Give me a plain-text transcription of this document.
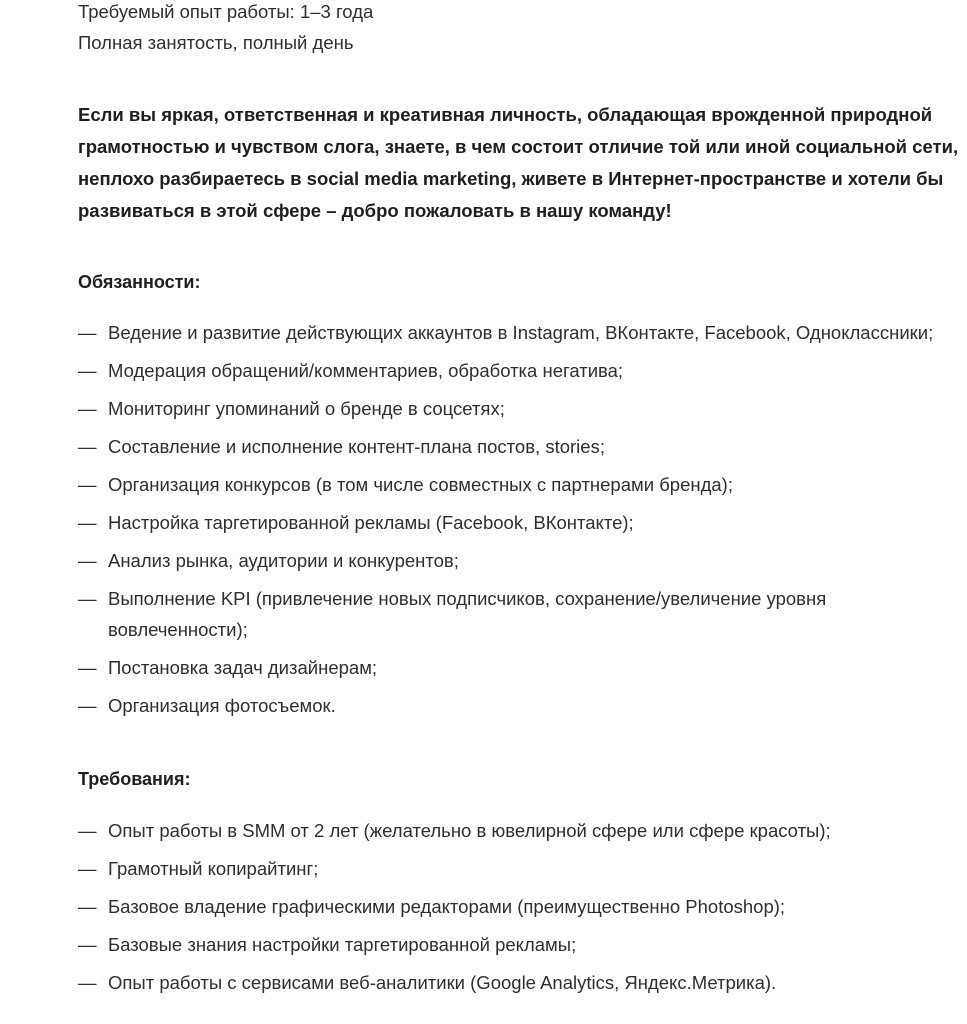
Требуемый опыт работы: 1–3 года
Полная занятость, полный день

Если вы яркая, ответственная и креативная личность, обладающая врожденной природной грамотностью и чувством слога, знаете, в чем состоит отличие той или иной социальной сети, неплохо разбираетесь в social media marketing, живете в Интернет-пространстве и хотели бы развиваться в этой сфере – добро пожаловать в нашу команду!

Обязанности:
— Ведение и развитие действующих аккаунтов в Instagram, ВКонтакте, Facebook, Одноклассники;
— Модерация обращений/комментариев, обработка негатива;
— Мониторинг упоминаний о бренде в соцсетях;
— Составление и исполнение контент-плана постов, stories;
— Организация конкурсов (в том числе совместных с партнерами бренда);
— Настройка таргетированной рекламы (Facebook, ВКонтакте);
— Анализ рынка, аудитории и конкурентов;
— Выполнение KPI (привлечение новых подписчиков, сохранение/увеличение уровня вовлеченности);
— Постановка задач дизайнерам;
— Организация фотосъемок.
Требования:
— Опыт работы в SMM от 2 лет (желательно в ювелирной сфере или сфере красоты);
— Грамотный копирайтинг;
— Базовое владение графическими редакторами (преимущественно Photoshop);
— Базовые знания настройки таргетированной рекламы;
— Опыт работы с сервисами веб-аналитики (Google Analytics, Яндекс.Метрика).
